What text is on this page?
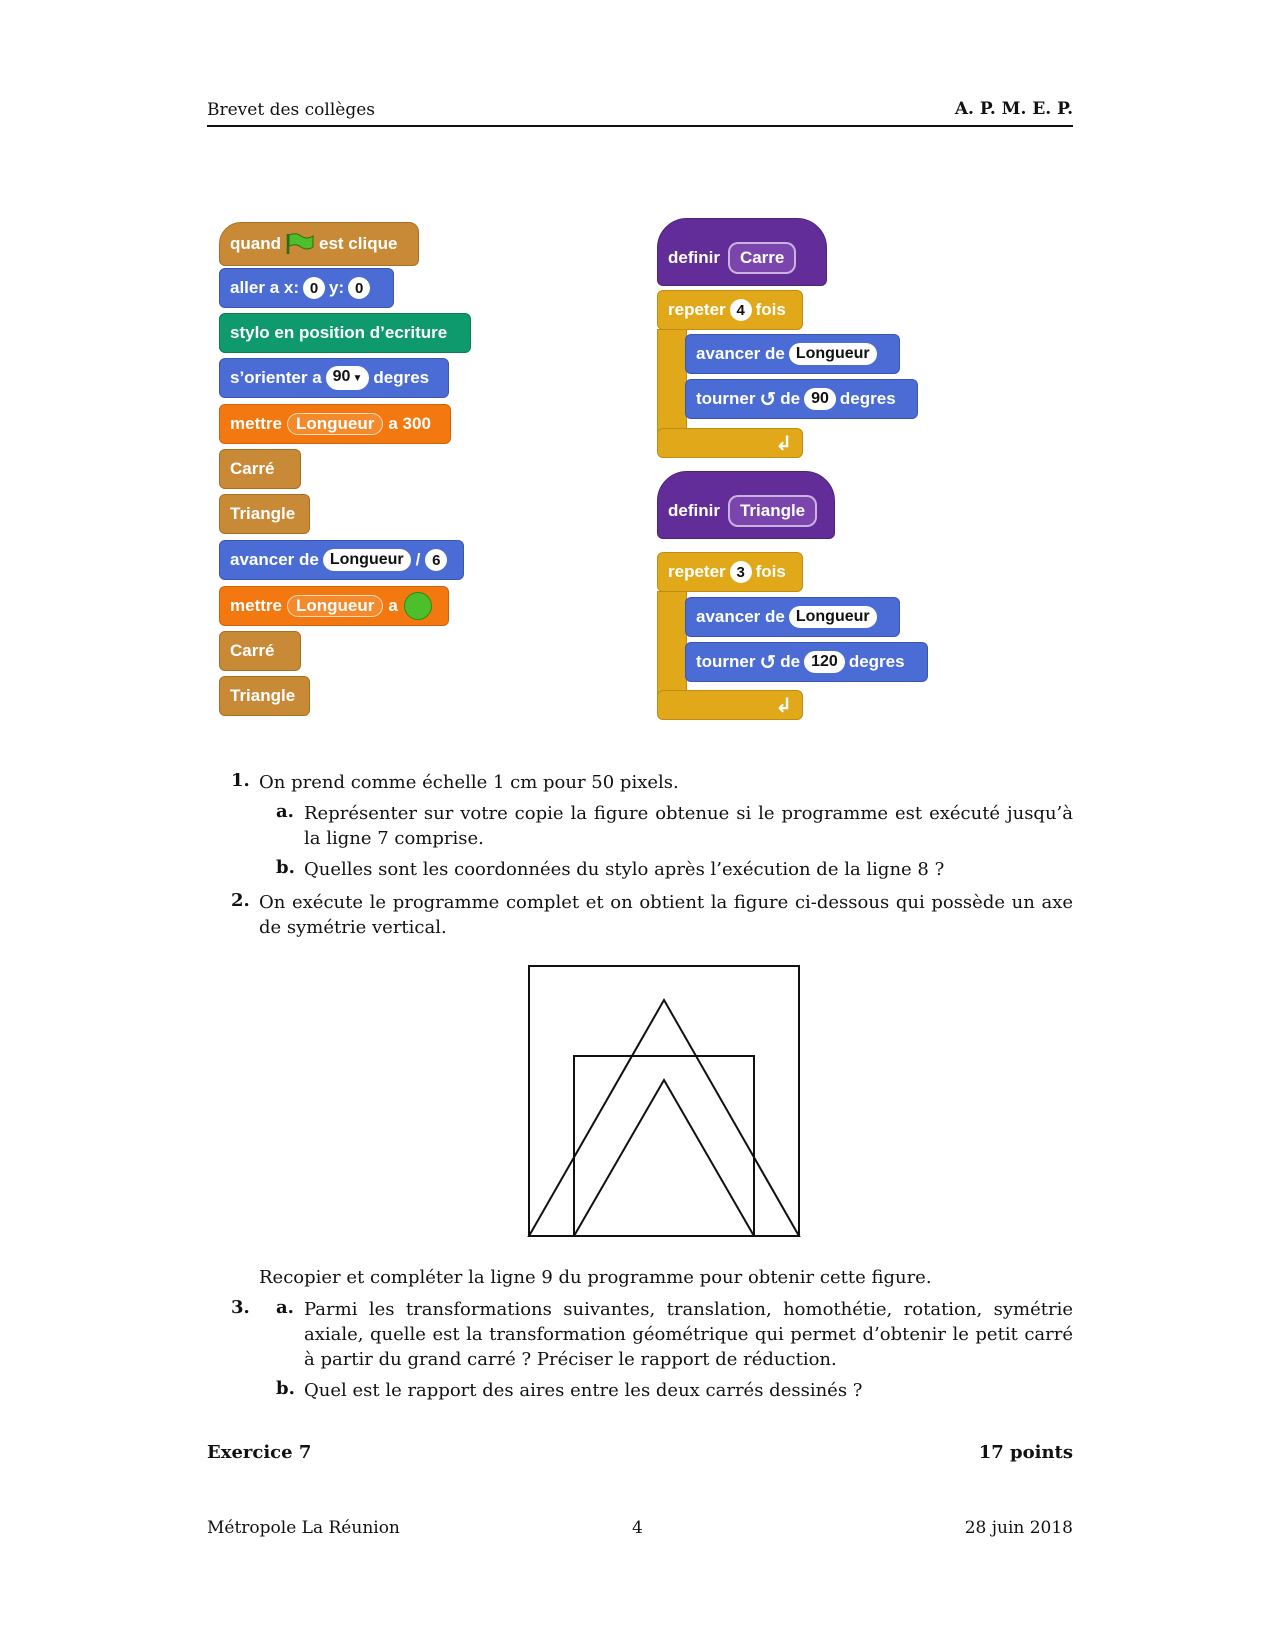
Brevet des collèges	A. P. M. E. P.
quand est clique
aller a x: 0 y: 0
stylo en position d’ecriture
s’orienter a 90 ▼ degres
mettre Longueur a 300
Carré
Triangle
avancer de Longueur / 6
mettre Longueur a
Carré
Triangle
definir	Carre
repeter 4 fois
↲
avancer de Longueur
tourner ↺ de 90 degres
definir	Triangle
repeter 3 fois
↲
avancer de Longueur
tourner ↺ de 120 degres
1. On prend comme échelle 1 cm pour 50 pixels.
a. Représenter sur votre copie la figure obtenue si le programme est exécuté jusqu’à la ligne 7 comprise.
b. Quelles sont les coordonnées du stylo après l’exécution de la ligne 8 ?
2. On exécute le programme complet et on obtient la figure ci-dessous qui possède un axe de symétrie vertical.
Recopier et compléter la ligne 9 du programme pour obtenir cette figure.
3. a. Parmi les transformations suivantes, translation, homothétie, rotation, symétrie axiale, quelle est la transformation géométrique qui permet d’obtenir le petit carré à partir du grand carré ? Préciser le rapport de réduction.
b. Quel est le rapport des aires entre les deux carrés dessinés ?
Exercice 7	17 points
Métropole La Réunion	4	28 juin 2018
